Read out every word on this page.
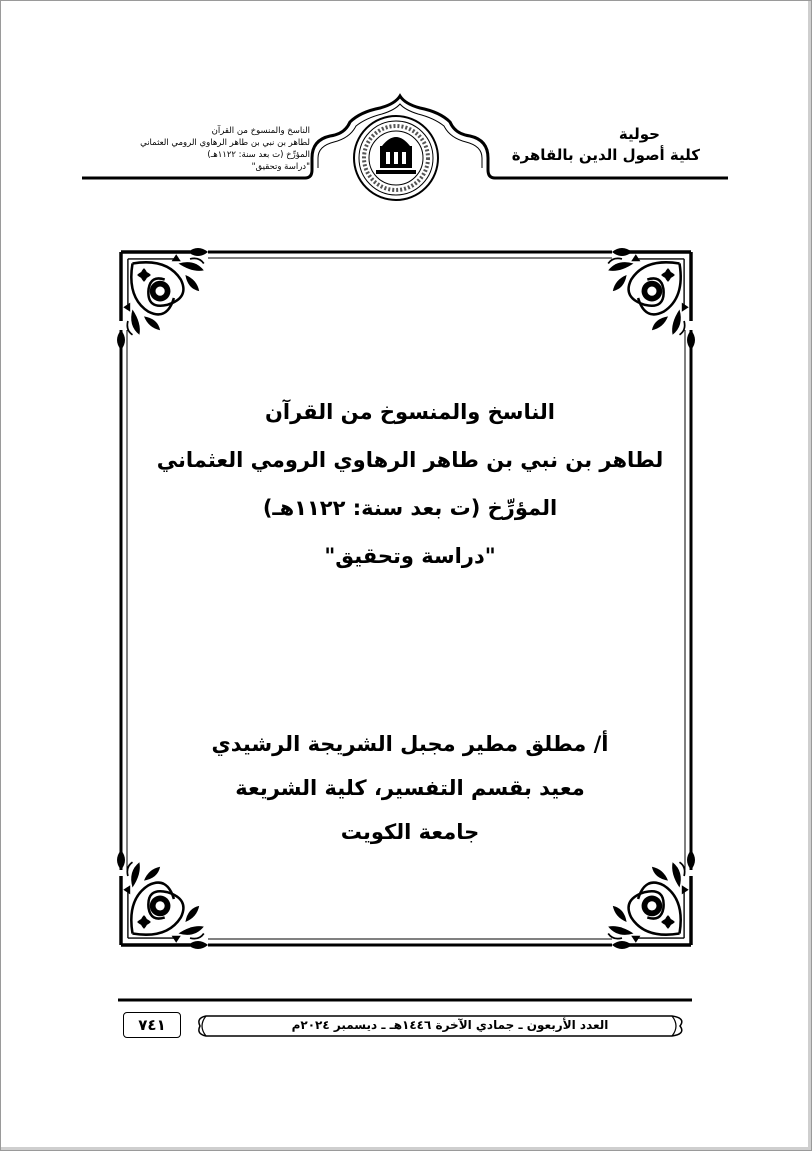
حولية
كلية أصول الدين بالقاهرة
الناسخ والمنسوخ من القرآن
لطاهر بن نبي بن طاهر الرهاوي الرومي العثماني
المؤرِّخ (ت بعد سنة: ١١٢٢هـ)
"دراسة وتحقيق"
الناسخ والمنسوخ من القرآن
لطاهر بن نبي بن طاهر الرهاوي الرومي العثماني
المؤرِّخ (ت بعد سنة: ١١٢٢هـ)
"دراسة وتحقيق"
أ/ مطلق مطير مجبل الشريجة الرشيدي
معيد بقسم التفسير، كلية الشريعة
جامعة الكويت
العدد الأربعون ـ جمادي الآخرة ١٤٤٦هـ ـ ديسمبر ٢٠٢٤م
٧٤١
